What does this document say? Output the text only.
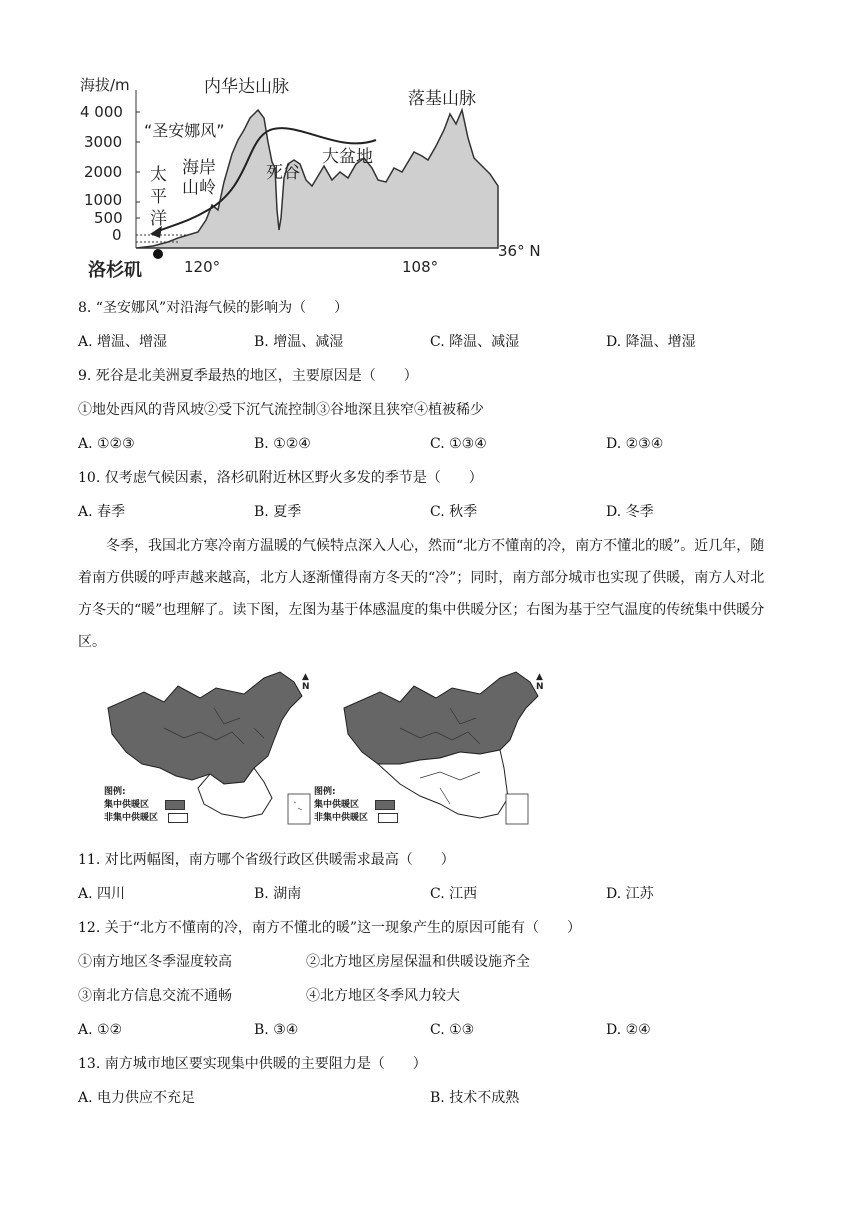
海拔/m
4 000
3000
2000
1000
500
0
内华达山脉
落基山脉
“圣安娜风”
大盆地
死谷
海岸山岭
太平洋
洛杉矶	120°	108°
36° N
8. “圣安娜风”对沿海气候的影响为（　　）
A. 增温、增湿	B. 增温、减湿	C. 降温、减湿	D. 降温、增湿
9. 死谷是北美洲夏季最热的地区，主要原因是（　　）
①地处西风的背风坡②受下沉气流控制③谷地深且狭窄④植被稀少
A. ①②③	B. ①②④	C. ①③④	D. ②③④
10. 仅考虑气候因素，洛杉矶附近林区野火多发的季节是（　　）
A. 春季	B. 夏季	C. 秋季	D. 冬季
冬季，我国北方寒冷南方温暖的气候特点深入人心，然而“北方不懂南的冷，南方不懂北的暖”。近几年，随着南方供暖的呼声越来越高，北方人逐渐懂得南方冬天的“冷”；同时，南方部分城市也实现了供暖，南方人对北方冬天的“暖”也理解了。读下图，左图为基于体感温度的集中供暖分区；右图为基于空气温度的传统集中供暖分区。
▲
N
图例:
集中供暖区
非集中供暖区
▲
N
图例:
集中供暖区
非集中供暖区
11. 对比两幅图，南方哪个省级行政区供暖需求最高（　　）
A. 四川	B. 湖南	C. 江西	D. 江苏
12. 关于“北方不懂南的冷，南方不懂北的暖”这一现象产生的原因可能有（　　）
①南方地区冬季湿度较高	②北方地区房屋保温和供暖设施齐全
③南北方信息交流不通畅	④北方地区冬季风力较大
A. ①②	B. ③④	C. ①③	D. ②④
13. 南方城市地区要实现集中供暖的主要阻力是（　　）
A. 电力供应不充足	B. 技术不成熟
